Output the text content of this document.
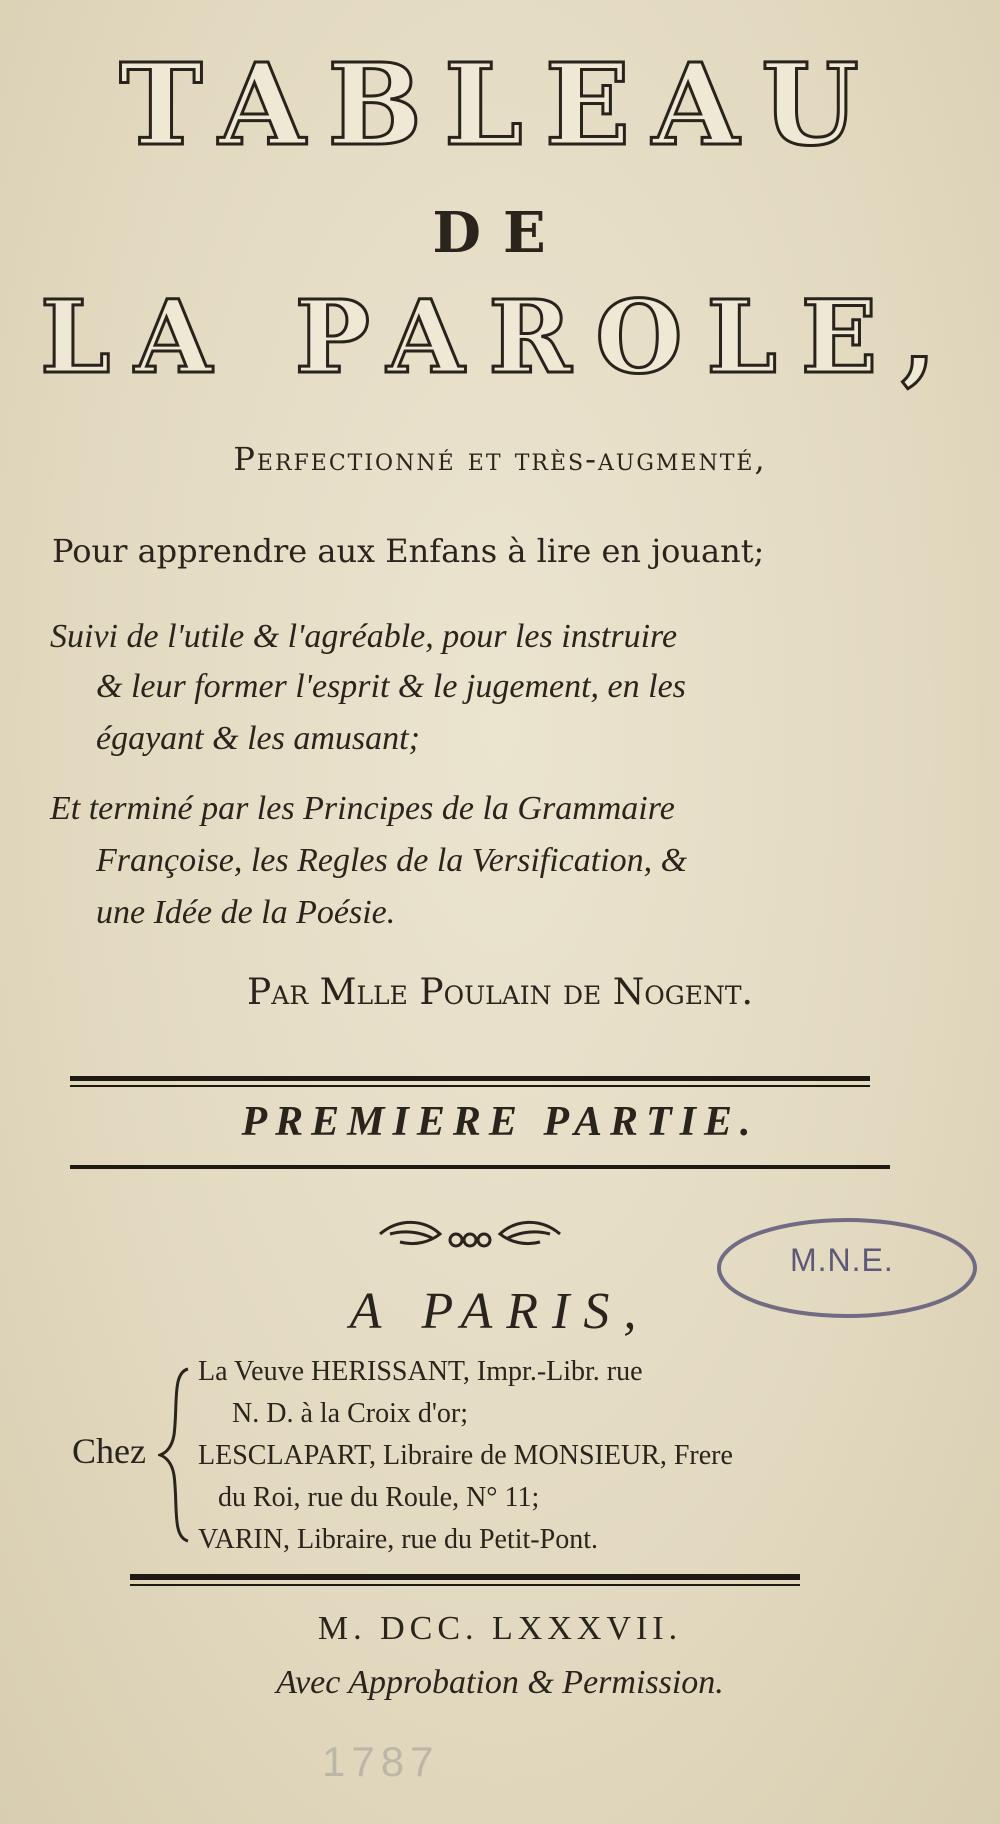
TABLEAU
DE
LA PAROLE,
Perfectionné et très-augmenté,
Pour apprendre aux Enfans à lire en jouant;
Suivi de l'utile & l'agréable, pour les instruire
& leur former l'esprit & le jugement, en les
égayant & les amusant;
Et terminé par les Principes de la Grammaire
Françoise, les Regles de la Versification, &
une Idée de la Poésie.
Par Mlle Poulain de Nogent.
PREMIERE PARTIE.
A PARIS,
Chez
La Veuve HERISSANT, Impr.-Libr. rue
N. D. à la Croix d'or;
LESCLAPART, Libraire de MONSIEUR, Frere
du Roi, rue du Roule, N° 11;
VARIN, Libraire, rue du Petit-Pont.
M. DCC. LXXXVII.
Avec Approbation & Permission.
M.N.E.
1787
